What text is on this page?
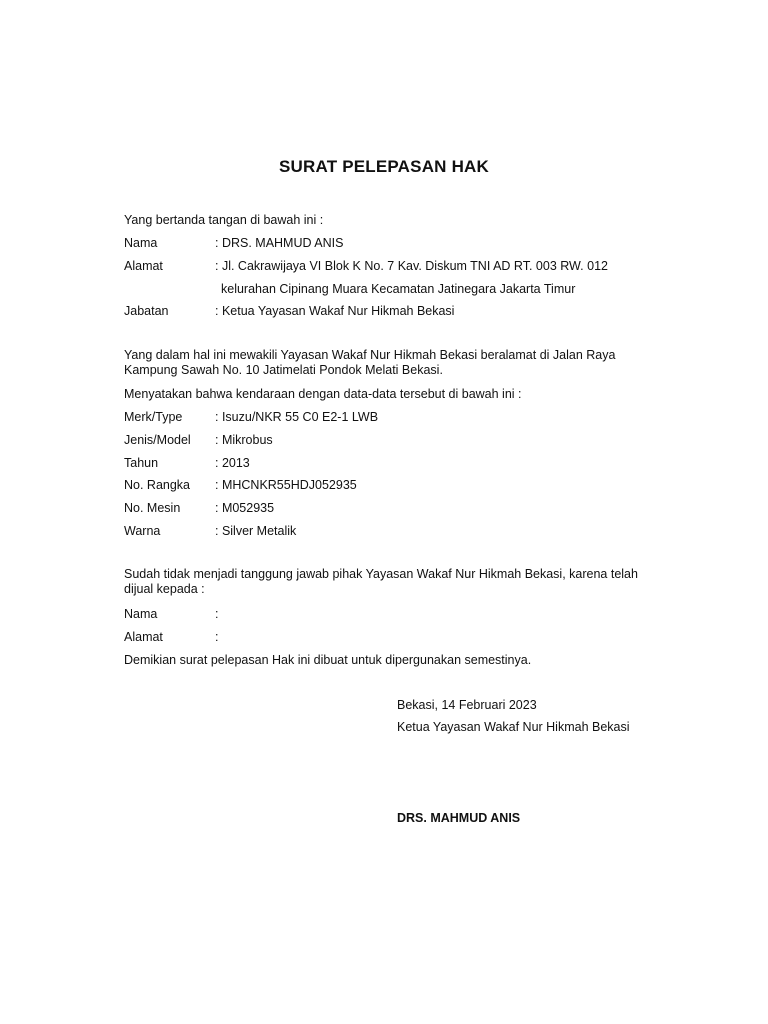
SURAT PELEPASAN HAK
Yang bertanda tangan di bawah ini :
Nama	: DRS. MAHMUD ANIS
Alamat	: Jl. Cakrawijaya VI Blok K No. 7 Kav. Diskum TNI AD RT. 003 RW. 012
kelurahan Cipinang Muara Kecamatan Jatinegara Jakarta Timur
Jabatan	: Ketua Yayasan Wakaf Nur Hikmah Bekasi
Yang dalam hal ini mewakili Yayasan Wakaf Nur Hikmah Bekasi beralamat di Jalan Raya Kampung Sawah No. 10 Jatimelati Pondok Melati Bekasi.
Menyatakan bahwa kendaraan dengan data-data tersebut di bawah ini :
Merk/Type	: Isuzu/NKR 55 C0 E2-1 LWB
Jenis/Model : Mikrobus
Tahun	: 2013
No. Rangka : MHCNKR55HDJ052935
No. Mesin	: M052935
Warna	: Silver Metalik
Sudah tidak menjadi tanggung jawab pihak Yayasan Wakaf Nur Hikmah Bekasi, karena telah dijual kepada :
Nama	:
Alamat	:
Demikian surat pelepasan Hak ini dibuat untuk dipergunakan semestinya.
Bekasi, 14 Februari 2023
Ketua Yayasan Wakaf Nur Hikmah Bekasi
DRS. MAHMUD ANIS
